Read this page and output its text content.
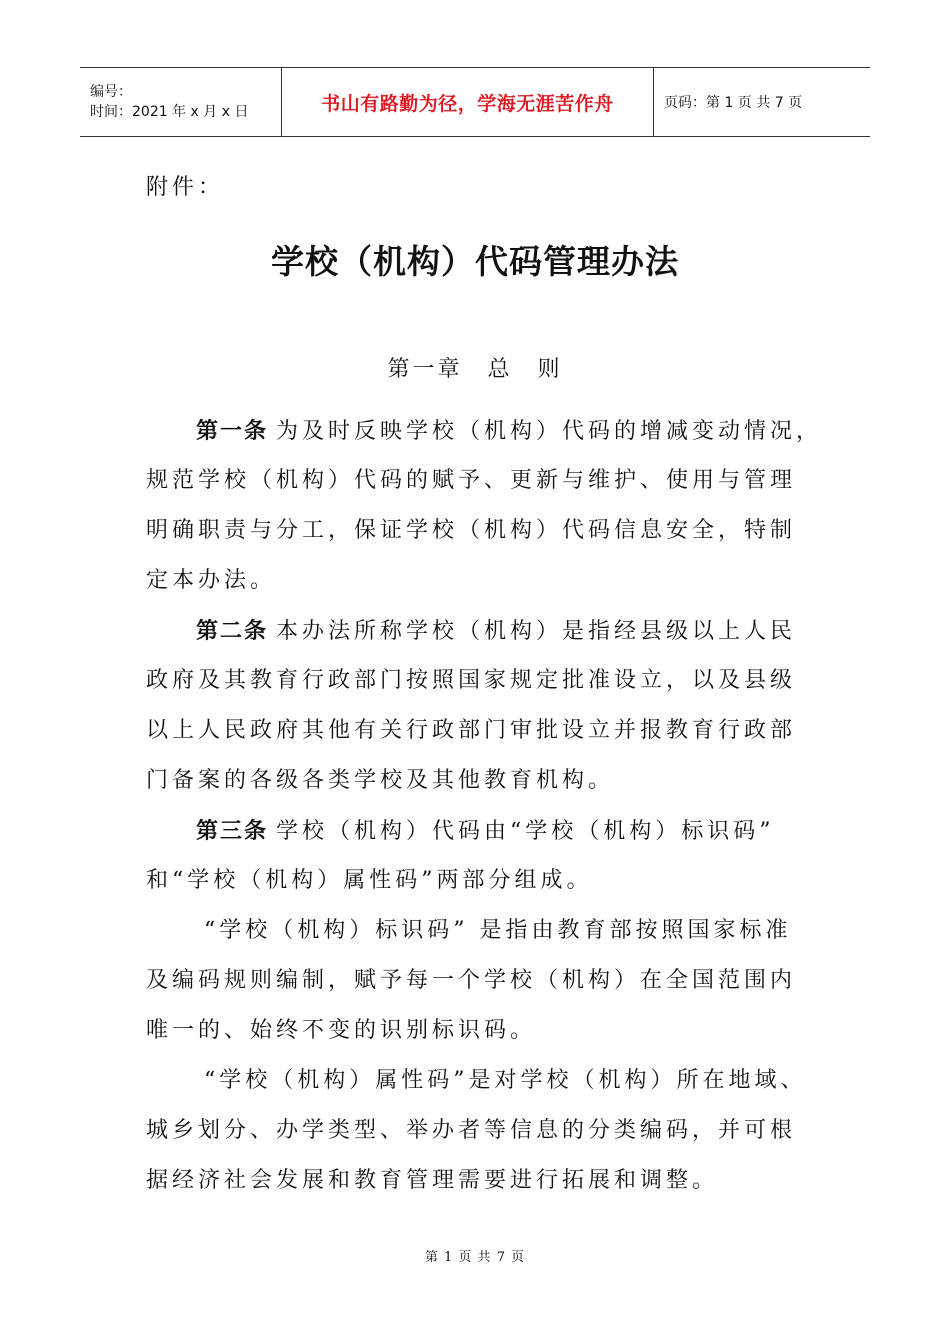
编号：
时间：2021 年 x 月 x 日	书山有路勤为径，学海无涯苦作舟	页码：第 1 页 共 7 页
附件：
学校（机构）代码管理办法
第一章　总　则
第一条 为及时反映学校（机构）代码的增减变动情况，
规范学校（机构）代码的赋予、更新与维护、使用与管理
明确职责与分工，保证学校（机构）代码信息安全，特制
定本办法。
第二条 本办法所称学校（机构）是指经县级以上人民
政府及其教育行政部门按照国家规定批准设立，以及县级
以上人民政府其他有关行政部门审批设立并报教育行政部
门备案的各级各类学校及其他教育机构。
第三条 学校（机构）代码由“学校（机构）标识码”
和“学校（机构）属性码”两部分组成。
“学校（机构）标识码” 是指由教育部按照国家标准
及编码规则编制，赋予每一个学校（机构）在全国范围内
唯一的、始终不变的识别标识码。
“学校（机构）属性码”是对学校（机构）所在地域、
城乡划分、办学类型、举办者等信息的分类编码，并可根
据经济社会发展和教育管理需要进行拓展和调整。
第 1 页 共 7 页
